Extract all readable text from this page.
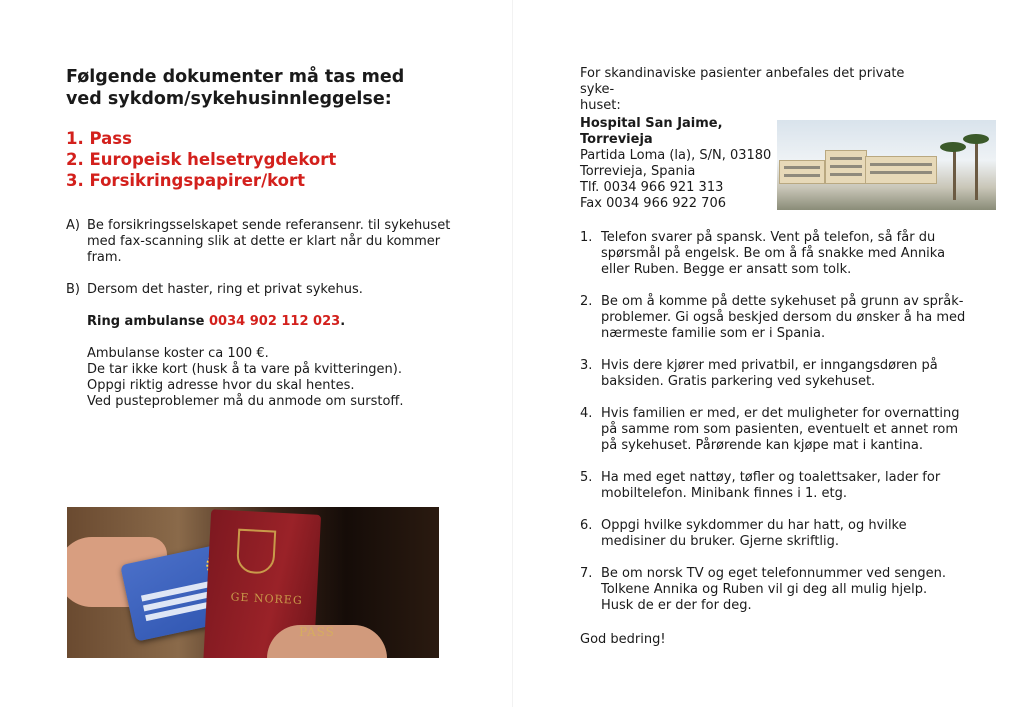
Følgende dokumenter må tas med
ved sykdom/sykehusinnleggelse:
1. Pass
2. Europeisk helsetrygdekort
3. Forsikringspapirer/kort
A) Be forsikringsselskapet sende referansenr. til sykehuset
med fax-scanning slik at dette er klart når du kommer
fram.
B) Dersom det haster, ring et privat sykehus.
Ring ambulanse 0034 902 112 023.
Ambulanse koster ca 100 €.
De tar ikke kort (husk å ta vare på kvitteringen).
Oppgi riktig adresse hvor du skal hentes.
Ved pusteproblemer må du anmode om surstoff.
GE NOREG
PASS
For skandinaviske pasienter anbefales det private syke-
huset:
Hospital San Jaime,
Torrevieja
Partida Loma (la), S/N, 03180
Torrevieja, Spania
Tlf. 0034 966 921 313
Fax 0034 966 922 706
1. Telefon svarer på spansk. Vent på telefon, så får du
spørsmål på engelsk. Be om å få snakke med Annika
eller Ruben. Begge er ansatt som tolk.
2. Be om å komme på dette sykehuset på grunn av språk-
problemer. Gi også beskjed dersom du ønsker å ha med
nærmeste familie som er i Spania.
3. Hvis dere kjører med privatbil, er inngangsdøren på
baksiden. Gratis parkering ved sykehuset.
4. Hvis familien er med, er det muligheter for overnatting
på samme rom som pasienten, eventuelt et annet rom
på sykehuset. Pårørende kan kjøpe mat i kantina.
5. Ha med eget nattøy, tøfler og toalettsaker, lader for
mobiltelefon. Minibank finnes i 1. etg.
6. Oppgi hvilke sykdommer du har hatt, og hvilke
medisiner du bruker. Gjerne skriftlig.
7. Be om norsk TV og eget telefonnummer ved sengen.
Tolkene Annika og Ruben vil gi deg all mulig hjelp.
Husk de er der for deg.
God bedring!
